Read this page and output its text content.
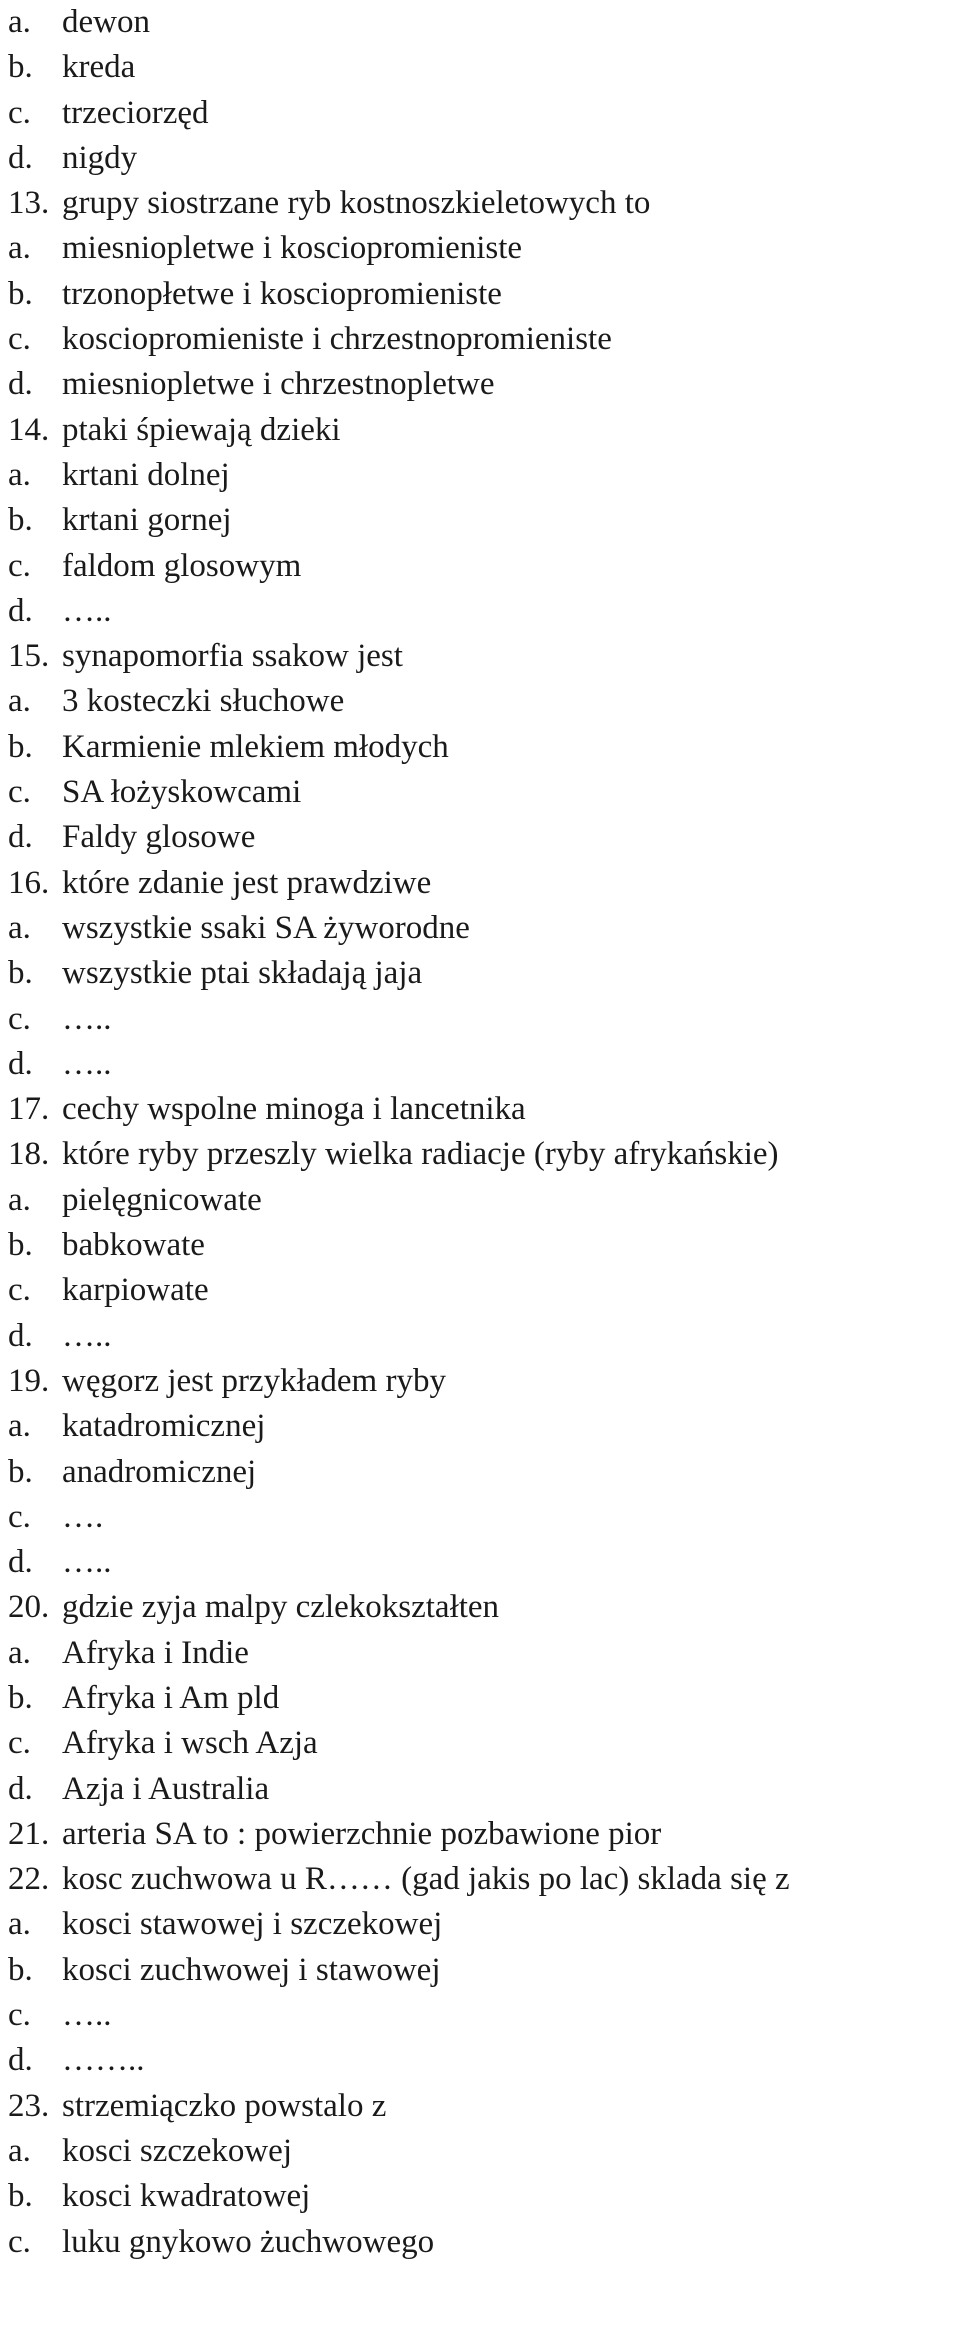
a. dewon
b. kreda
c. trzeciorzęd
d. nigdy
13. grupy siostrzane ryb kostnoszkieletowych to
a. miesniopletwe i kosciopromieniste
b. trzonopłetwe i kosciopromieniste
c. kosciopromieniste i chrzestnopromieniste
d. miesniopletwe i chrzestnopletwe
14. ptaki śpiewają dzieki
a. krtani dolnej
b. krtani gornej
c. faldom glosowym
d. …..
15. synapomorfia ssakow jest
a. 3 kosteczki słuchowe
b. Karmienie mlekiem młodych
c. SA łożyskowcami
d. Faldy glosowe
16. które zdanie jest prawdziwe
a. wszystkie ssaki SA żyworodne
b. wszystkie ptai składają jaja
c. …..
d. …..
17. cechy wspolne minoga i lancetnika
18. które ryby przeszly wielka radiacje (ryby afrykańskie)
a. pielęgnicowate
b. babkowate
c. karpiowate
d. …..
19. węgorz jest przykładem ryby
a. katadromicznej
b. anadromicznej
c. ….
d. …..
20. gdzie zyja malpy czlekokształten
a. Afryka i Indie
b. Afryka i Am pld
c. Afryka i wsch Azja
d. Azja i Australia
21. arteria SA to : powierzchnie pozbawione pior
22. kosc zuchwowa u R…… (gad jakis po lac) sklada się z
a. kosci stawowej i szczekowej
b. kosci zuchwowej i stawowej
c. …..
d. ……..
23. strzemiączko powstalo z
a. kosci szczekowej
b. kosci kwadratowej
c. luku gnykowo żuchwowego
